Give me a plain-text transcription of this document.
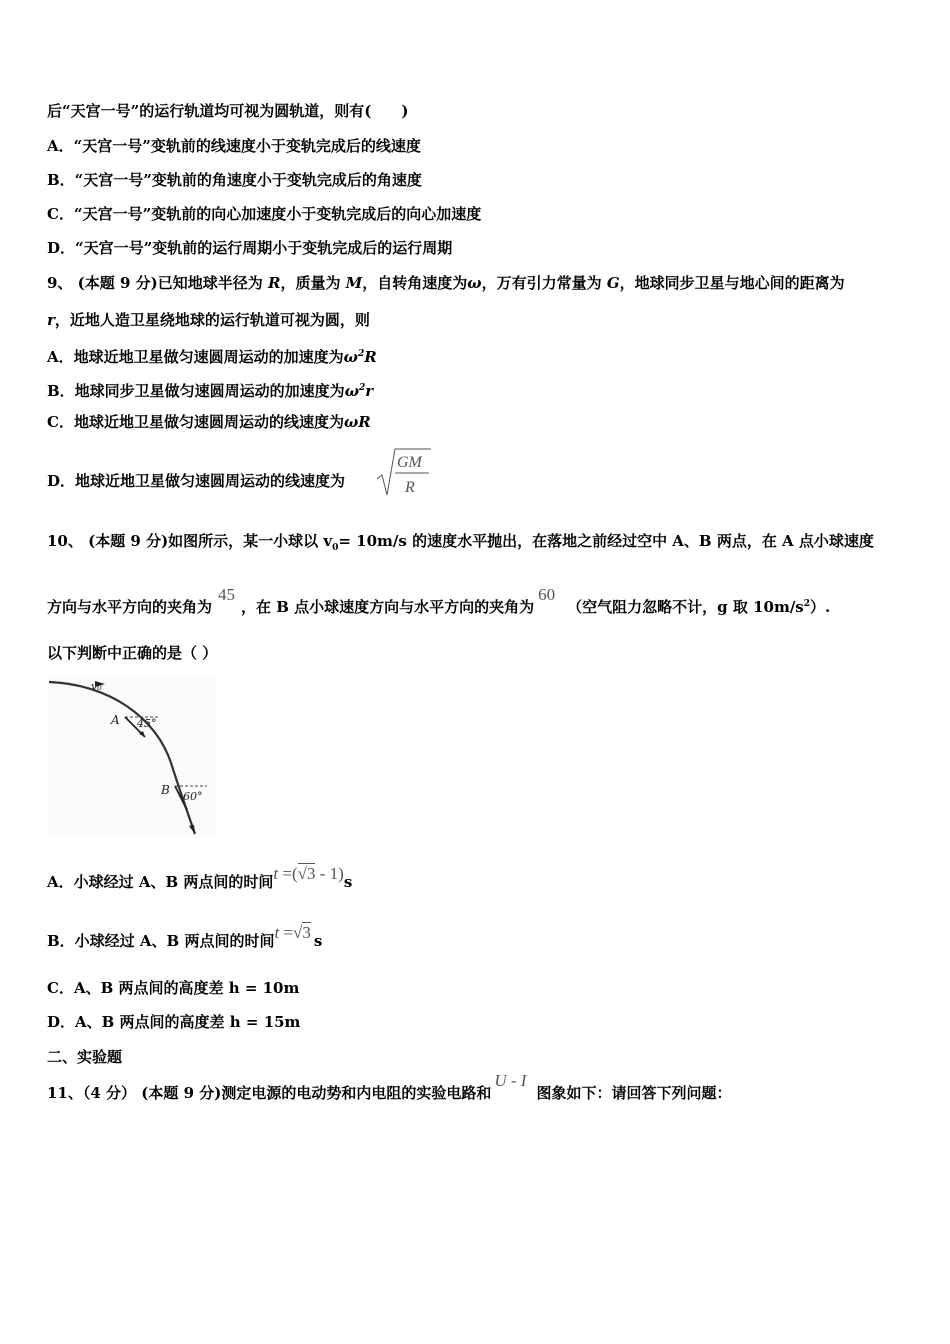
后“天宫一号”的运行轨道均可视为圆轨道，则有(　　)
A．“天宫一号”变轨前的线速度小于变轨完成后的线速度
B．“天宫一号”变轨前的角速度小于变轨完成后的角速度
C．“天宫一号”变轨前的向心加速度小于变轨完成后的向心加速度
D．“天宫一号”变轨前的运行周期小于变轨完成后的运行周期
9、 (本题 9 分)已知地球半径为 R，质量为 M，自转角速度为ω，万有引力常量为 G，地球同步卫星与地心间的距离为
r，近地人造卫星绕地球的运行轨道可视为圆，则
A．地球近地卫星做匀速圆周运动的加速度为$\omega^2R$
B．地球同步卫星做匀速圆周运动的加速度为$\omega^2r$
C．地球近地卫星做匀速圆周运动的线速度为ωR
D．地球近地卫星做匀速圆周运动的线速度为
GM
R
10、 (本题 9 分)如图所示，某一小球以 $v_0= 10m/s$ 的速度水平抛出，在落地之前经过空中 A、B 两点，在 A 点小球速度
方向与水平方向的夹角为45，在 B 点小球速度方向与水平方向的夹角为60（空气阻力忽略不计，g 取 $10m/s^2$）.
以下判断中正确的是（ ）
v₀
A 45°
B 60°
A．小球经过 A、B 两点间的时间t =(√3 - 1)s
B．小球经过 A、B 两点间的时间t =√3 s
C．A、B 两点间的高度差 h = 10m
D．A、B 两点间的高度差 h = 15m
二、实验题
11、（4 分） (本题 9 分)测定电源的电动势和内电阻的实验电路和U - I图象如下：请回答下列问题：
